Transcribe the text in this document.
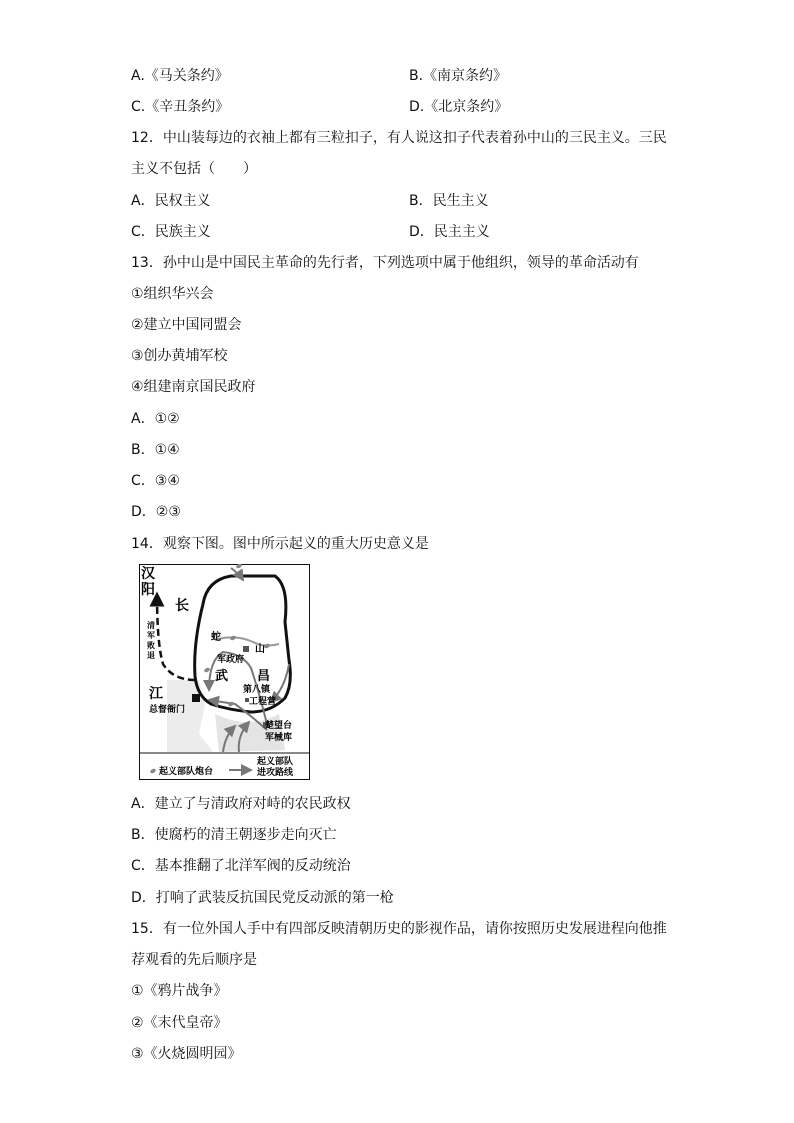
A.《马关条约》	B.《南京条约》
C.《辛丑条约》	D.《北京条约》
12．中山装每边的衣袖上都有三粒扣子，有人说这扣子代表着孙中山的三民主义。三民
主义不包括（　　）
A．民权主义	B．民生主义
C．民族主义	D．民主主义
13．孙中山是中国民主革命的先行者，下列选项中属于他组织，领导的革命活动有
①组织华兴会
②建立中国同盟会
③创办黄埔军校
④组建南京国民政府
A．①②
B．①④
C．③④
D．②③
14．观察下图。图中所示起义的重大历史意义是
汉
阳
长
江
清
军
败
退
蛇
山
军政府
武 昌
第八镇
工程营
总督衙门
楚望台
军械库
起义部队炮台
起义部队
进攻路线
A．建立了与清政府对峙的农民政权
B．使腐朽的清王朝逐步走向灭亡
C．基本推翻了北洋军阀的反动统治
D．打响了武装反抗国民党反动派的第一枪
15．有一位外国人手中有四部反映清朝历史的影视作品，请你按照历史发展进程向他推
荐观看的先后顺序是
①《鸦片战争》
②《末代皇帝》
③《火烧圆明园》
